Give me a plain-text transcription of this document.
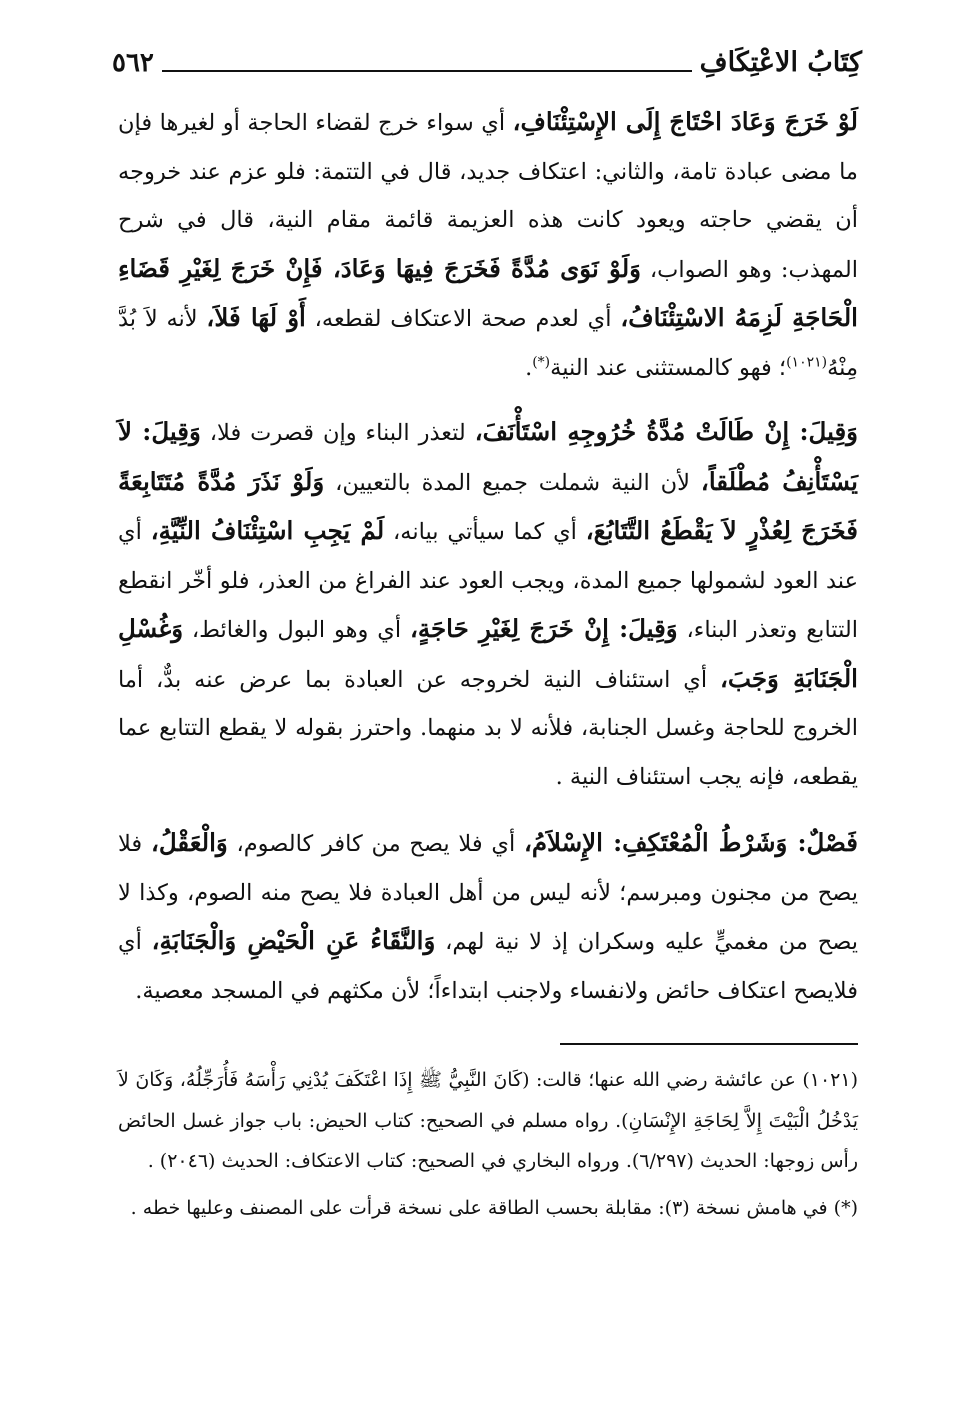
كِتَابُ الاعْتِكَافِ
٥٦٢

لَوْ خَرَجَ وَعَادَ احْتَاجَ إِلَى الإِسْتِئْنَافِ، أي سواء خرج لقضاء الحاجة أو لغيرها فإن ما مضى عبادة تامة، والثاني: اعتكاف جديد، قال في التتمة: فلو عزم عند خروجه أن يقضي حاجته ويعود كانت هذه العزيمة قائمة مقام النية، قال في شرح المهذب: وهو الصواب، وَلَوْ نَوَى مُدَّةً فَخَرَجَ فِيهَا وَعَادَ، فَإِنْ خَرَجَ لِغَيْرِ قَضَاءِ الْحَاجَةِ لَزِمَهُ الاسْتِئْنَافُ، أي لعدم صحة الاعتكاف لقطعه، أَوْ لَهَا فَلاَ، لأنه لاَ بُدَّ مِنْهُ$^{(١٠٢١)}$؛ فهو كالمستثنى عند النية(*).

وَقِيلَ: إِنْ طَالَتْ مُدَّةُ خُرُوجِهِ اسْتَأْنَفَ، لتعذر البناء وإن قصرت فلا، وَقِيلَ: لاَ يَسْتَأْنِفُ مُطْلَقاً، لأن النية شملت جميع المدة بالتعيين، وَلَوْ نَذَرَ مُدَّةً مُتَتَابِعَةً فَخَرَجَ لِعُذْرٍ لاَ يَقْطَعُ التَّتَابُعَ، أي كما سيأتي بيانه، لَمْ يَجِبِ اسْتِئْنَافُ النِّيَّةِ، أي عند العود لشمولها جميع المدة، ويجب العود عند الفراغ من العذر، فلو أخّر انقطع التتابع وتعذر البناء، وَقِيلَ: إِنْ خَرَجَ لِغَيْرِ حَاجَةٍ، أي وهو البول والغائط، وَغُسْلِ الْجَنَابَةِ وَجَبَ، أي استئناف النية لخروجه عن العبادة بما عرض عنه بدٌّ، أما الخروج للحاجة وغسل الجنابة، فلأنه لا بد منهما. واحترز بقوله لا يقطع التتابع عما يقطعه، فإنه يجب استئناف النية .

فَصْلٌ: وَشَرْطُ الْمُعْتَكِفِ: الإِسْلاَمُ، أي فلا يصح من كافر كالصوم، وَالْعَقْلُ، فلا يصح من مجنون ومبرسم؛ لأنه ليس من أهل العبادة فلا يصح منه الصوم، وكذا لا يصح من مغميٍّ عليه وسكران إذ لا نية لهم، وَالنَّقَاءُ عَنِ الْحَيْضِ وَالْجَنَابَةِ، أي فلايصح اعتكاف حائض ولانفساء ولاجنب ابتداءاً؛ لأن مكثهم في المسجد معصية.

(١٠٢١) عن عائشة رضي الله عنها؛ قالت: (كَانَ النَّبِيُّ ﷺ إِذَا اعْتَكَفَ يُدْنِي رَأْسَهُ فَأُرَجِّلُهُ، وَكَانَ لاَ يَدْخُلُ الْبَيْتَ إِلاَّ لِحَاجَةِ الإِنْسَانِ). رواه مسلم في الصحيح: كتاب الحيض: باب جواز غسل الحائض رأس زوجها: الحديث (٦/٢٩٧). ورواه البخاري في الصحيح: كتاب الاعتكاف: الحديث (٢٠٤٦) .

(*) في هامش نسخة (٣): مقابلة بحسب الطاقة على نسخة قرأت على المصنف وعليها خطه .
